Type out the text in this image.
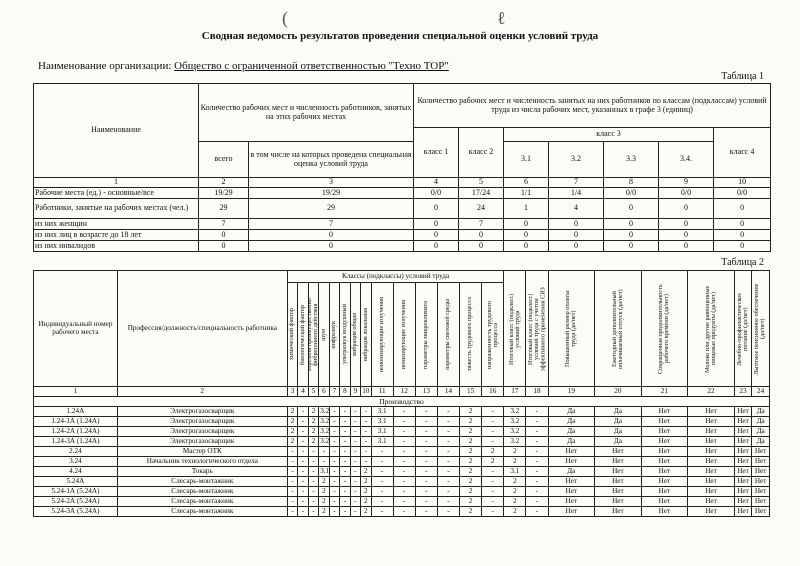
(	ℓ
Сводная ведомость результатов проведения специальной оценки условий труда
Наименование организации: Общество с ограниченной ответственностью "Техно ТОР"
Таблица 1
Наименование	Количество рабочих мест и численность работников, занятых на этих рабочих местах		Количество рабочих мест и численность занятых на них работников по классам (подклассам) условий труда из числа рабочих мест, указанных в графе 3 (единиц)						
			класс 1	класс 2	класс 3				класс 4
	всего	в том числе на которых проведена специальная оценка условий труда			3.1	3.2	3.3	3.4.	
1	2	3	4	5	6	7	8	9	10
Рабочие места (ед.) - основные/все	19/29	19/29	0/0	17/24	1/1	1/4	0/0	0/0	0/0
Работники, занятые на рабочих местах (чел.)	29	29	0	24	1	4	0	0	0
из них женщин	7	7	0	7	0	0	0	0	0
из них лиц в возрасте до 18 лет	0	0	0	0	0	0	0	0	0
из них инвалидов	0	0	0	0	0	0	0	0	0
Таблица 2
Индивидуальный номер рабочего места	Профессия/должность/специальность работника	Классы (подклассы) условий труда														Итоговый класс (подкласс) условий труда	Итоговый класс (подкласс) условий труда с учетом эффективного применения СИЗ	Повышенный размер оплаты труда (да/нет)	Ежегодный дополнительный оплачиваемый отпуск (да/нет)	Сокращенная продолжительность рабочего времени (да/нет)	Молоко или другие равноценные пищевые продукты (да/нет)	Лечебно-профилактическое питание (да/нет)	Льготное пенсионное обеспечение (да/нет)

		химический фактор	биологический фактор	аэрозоли преимущественно фиброгенного действия	шум	инфразвук	ультразвук воздушный	вибрация общая	вибрация локальная	неионизирующие излучения	ионизирующие излучения	параметры микроклимата	параметры световой среды	тяжесть трудового процесса	напряженность трудового процесса								

1	2	3	4	5	6	7	8	9	10	11	12	13	14	15	16	17	18	19	20	21	22	23	24
Производство																							
1.24А	Электрогазосварщик	2	-	2	3.2	-	-	-	-	3.1	-	-	-	2	-	3.2	-	Да	Да	Нет	Нет	Нет	Да
1.24-1А (1.24А)	Электрогазосварщик	2	-	2	3.2	-	-	-	-	3.1	-	-	-	2	-	3.2	-	Да	Да	Нет	Нет	Нет	Да
1.24-2А (1.24А)	Электрогазосварщик	2	-	2	3.2	-	-	-	-	3.1	-	-	-	2	-	3.2	-	Да	Да	Нет	Нет	Нет	Да
1.24-3А (1.24А)	Электрогазосварщик	2	-	2	3.2	-	-	-	-	3.1	-	-	-	2	-	3.2	-	Да	Да	Нет	Нет	Нет	Да
2.24	Мастер ОТК	-	-	-	-	-	-	-	-	-	-	-	-	2	2	2	-	Нет	Нет	Нет	Нет	Нет	Нет
3.24	Начальник технологического отдела	-	-	-	-	-	-	-	-	-	-	-	-	2	2	2	-	Нет	Нет	Нет	Нет	Нет	Нет
4.24	Токарь	-	-	-	3.1	-	-	-	2	-	-	-	-	2	-	3.1	-	Да	Нет	Нет	Нет	Нет	Нет
5.24А	Слесарь-монтажник	-	-	-	2	-	-	-	2	-	-	-	-	2	-	2	-	Нет	Нет	Нет	Нет	Нет	Нет
5.24-1А (5.24А)	Слесарь-монтажник	-	-	-	2	-	-	-	2	-	-	-	-	2	-	2	-	Нет	Нет	Нет	Нет	Нет	Нет
5.24-2А (5.24А)	Слесарь-монтажник	-	-	-	2	-	-	-	2	-	-	-	-	2	-	2	-	Нет	Нет	Нет	Нет	Нет	Нет
5.24-3А (5.24А)	Слесарь-монтажник	-	-	-	2	-	-	-	2	-	-	-	-	2	-	2	-	Нет	Нет	Нет	Нет	Нет	Нет
